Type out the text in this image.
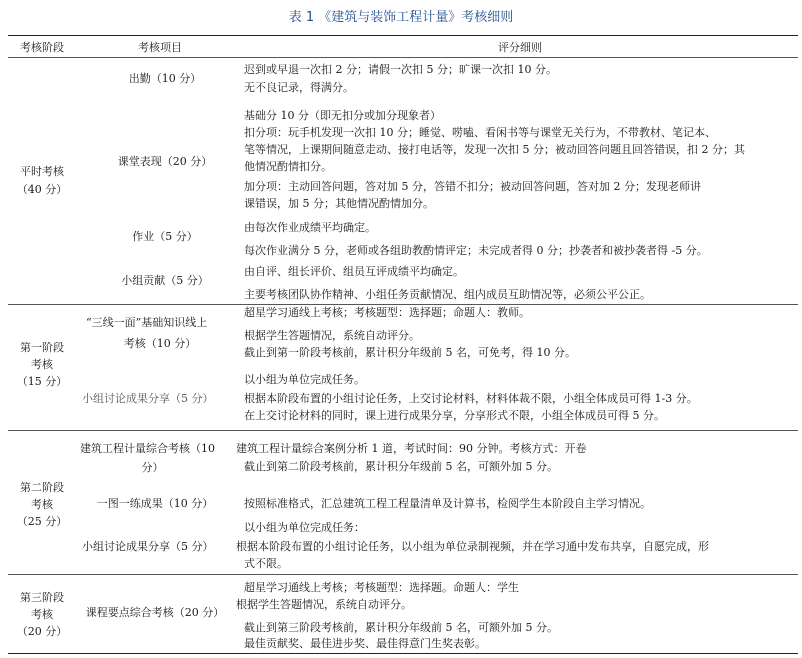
表 1 《建筑与装饰工程计量》考核细则
考核阶段	考核项目	评分细则
平时考核
（40 分）
出勤（10 分）
课堂表现（20 分）
作业（5 分）
小组贡献（5 分）
迟到或早退一次扣 2 分；请假一次扣 5 分；旷课一次扣 10 分。
无不良记录，得满分。
基础分 10 分（即无扣分或加分现象者）
扣分项：玩手机发现一次扣 10 分；睡觉、唠嗑、看闲书等与课堂无关行为，不带教材、笔记本、
笔等情况，上课期间随意走动、接打电话等，发现一次扣 5 分；被动回答问题且回答错误，扣 2 分；其
他情况酌情扣分。
加分项：主动回答问题，答对加 5 分，答错不扣分；被动回答问题，答对加 2 分；发现老师讲
课错误，加 5 分；其他情况酌情加分。
由每次作业成绩平均确定。
每次作业满分 5 分，老师或各组助教酌情评定；未完成者得 0 分；抄袭者和被抄袭者得 -5 分。
由自评、组长评价、组员互评成绩平均确定。
主要考核团队协作精神、小组任务贡献情况、组内成员互助情况等，必须公平公正。
第一阶段
考核
（15 分）
“三线一面”基础知识线上
考核（10 分）
小组讨论成果分享（5 分）
超星学习通线上考核；考核题型：选择题；命题人：教师。
根据学生答题情况，系统自动评分。
截止到第一阶段考核前，累计积分年级前 5 名，可免考，得 10 分。
以小组为单位完成任务。
根据本阶段布置的小组讨论任务，上交讨论材料，材料体裁不限，小组全体成员可得 1-3 分。
在上交讨论材料的同时，课上进行成果分享，分享形式不限，小组全体成员可得 5 分。
第二阶段
考核
（25 分）
建筑工程计量综合考核（10
分）
一图一练成果（10 分）
小组讨论成果分享（5 分）
建筑工程计量综合案例分析 1 道，考试时间：90 分钟。考核方式：开卷
截止到第二阶段考核前，累计积分年级前 5 名，可额外加 5 分。
按照标准格式，汇总建筑工程工程量清单及计算书，检阅学生本阶段自主学习情况。
以小组为单位完成任务：
根据本阶段布置的小组讨论任务，以小组为单位录制视频，并在学习通中发布共享，自愿完成，形
式不限。
第三阶段
考核
（20 分）
课程要点综合考核（20 分）
超星学习通线上考核；考核题型：选择题。命题人：学生
根据学生答题情况，系统自动评分。
截止到第三阶段考核前，累计积分年级前 5 名，可额外加 5 分。
最佳贡献奖、最佳进步奖、最佳得意门生奖表彰。
